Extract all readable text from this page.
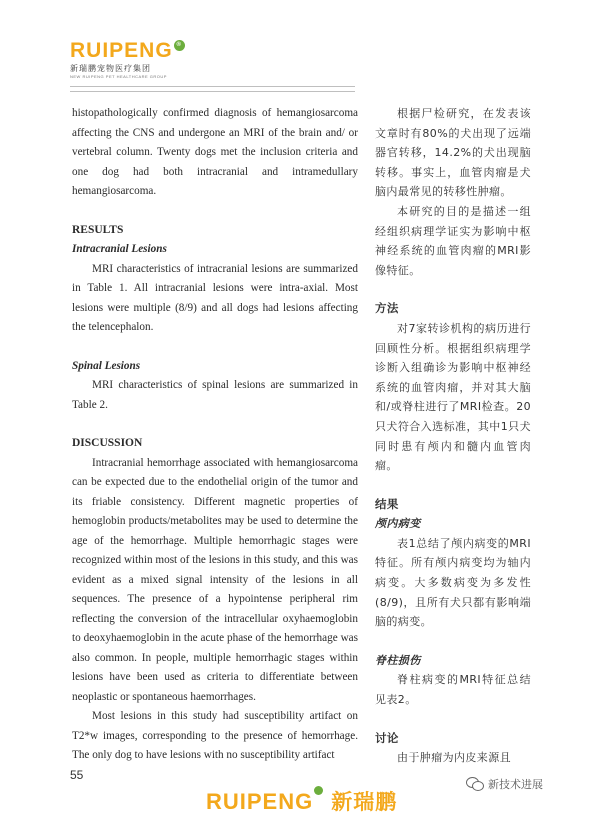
RUIPENG ®
新瑞鹏宠物医疗集团
NEW RUIPENG PET HEALTHCARE GROUP

histopathologically confirmed diagnosis of hemangiosarcoma affecting the CNS and undergone an MRI of the brain and/ or vertebral column. Twenty dogs met the inclusion criteria and one dog had both intracranial and intramedullary hemangiosarcoma.

RESULTS

Intracranial Lesions

MRI characteristics of intracranial lesions are summarized in Table 1. All intracranial lesions were intra-axial. Most lesions were multiple (8/9) and all dogs had lesions affecting the telencephalon.

Spinal Lesions

MRI characteristics of spinal lesions are summarized in Table 2.

DISCUSSION

Intracranial hemorrhage associated with hemangiosarcoma can be expected due to the endothelial origin of the tumor and its friable consistency. Different magnetic properties of hemoglobin products/metabolites may be used to determine the age of the hemorrhage. Multiple hemorrhagic stages were recognized within most of the lesions in this study, and this was evident as a mixed signal intensity of the lesions in all sequences. The presence of a hypointense peripheral rim reflecting the conversion of the intracellular oxyhaemoglobin to deoxyhaemoglobin in the acute phase of the hemorrhage was also common. In people, multiple hemorrhagic stages within lesions have been used as criteria to differentiate between neoplastic or spontaneous haemorrhages.

Most lesions in this study had susceptibility artifact on T2*w images, corresponding to the presence of hemorrhage. The only dog to have lesions with no susceptibility artifact

根据尸检研究，在发表该文章时有80%的犬出现了远端器官转移，14.2%的犬出现脑转移。事实上，血管肉瘤是犬脑内最常见的转移性肿瘤。

本研究的目的是描述一组经组织病理学证实为影响中枢神经系统的血管肉瘤的MRI影像特征。

方法

对7家转诊机构的病历进行回顾性分析。根据组织病理学诊断入组确诊为影响中枢神经系统的血管肉瘤，并对其大脑和/或脊柱进行了MRI检查。20只犬符合入选标准，其中1只犬同时患有颅内和髓内血管肉瘤。

结果

颅内病变

表1总结了颅内病变的MRI特征。所有颅内病变均为轴内病变。大多数病变为多发性(8/9)，且所有犬只都有影响端脑的病变。

脊柱损伤

脊柱病变的MRI特征总结见表2。

讨论

由于肿瘤为内皮来源且

55
RUIPENG 新瑞鹏
新技术进展
